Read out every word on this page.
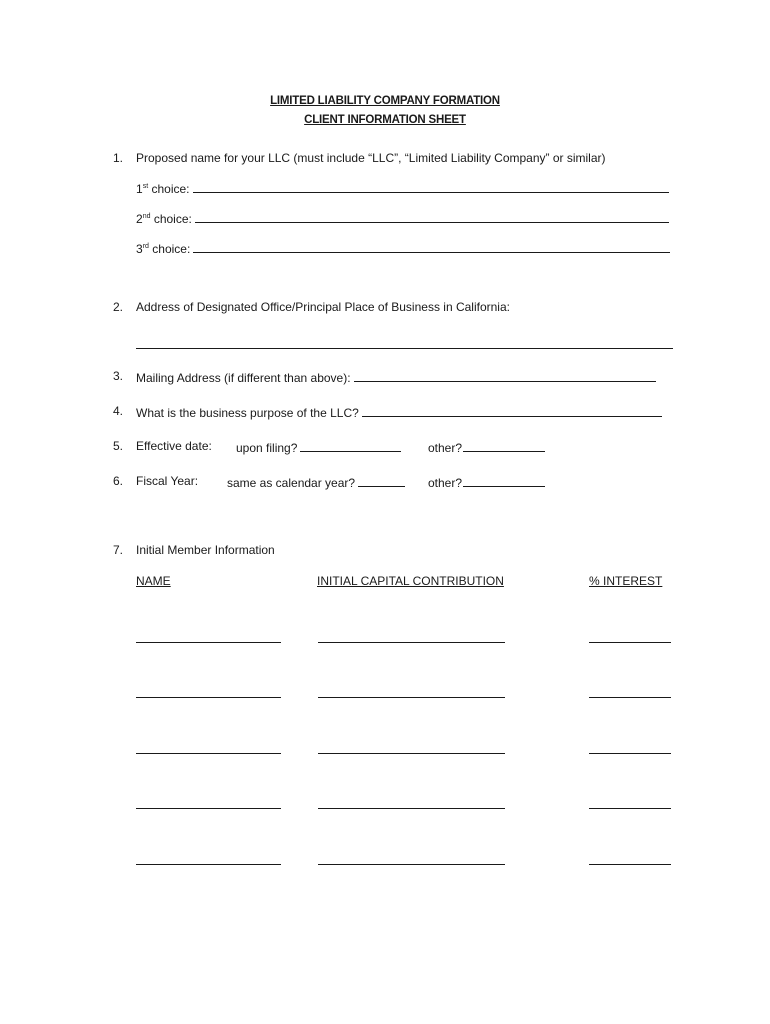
LIMITED LIABILITY COMPANY FORMATION
CLIENT INFORMATION SHEET
1. Proposed name for your LLC (must include “LLC”, “Limited Liability Company” or similar)
1st choice:
2nd choice:
3rd choice:
2. Address of Designated Office/Principal Place of Business in California:
3. Mailing Address (if different than above):
4. What is the business purpose of the LLC?
5. Effective date: upon filing?	other?
6. Fiscal Year: same as calendar year?	other?
7. Initial Member Information
NAME	INITIAL CAPITAL CONTRIBUTION	% INTEREST
